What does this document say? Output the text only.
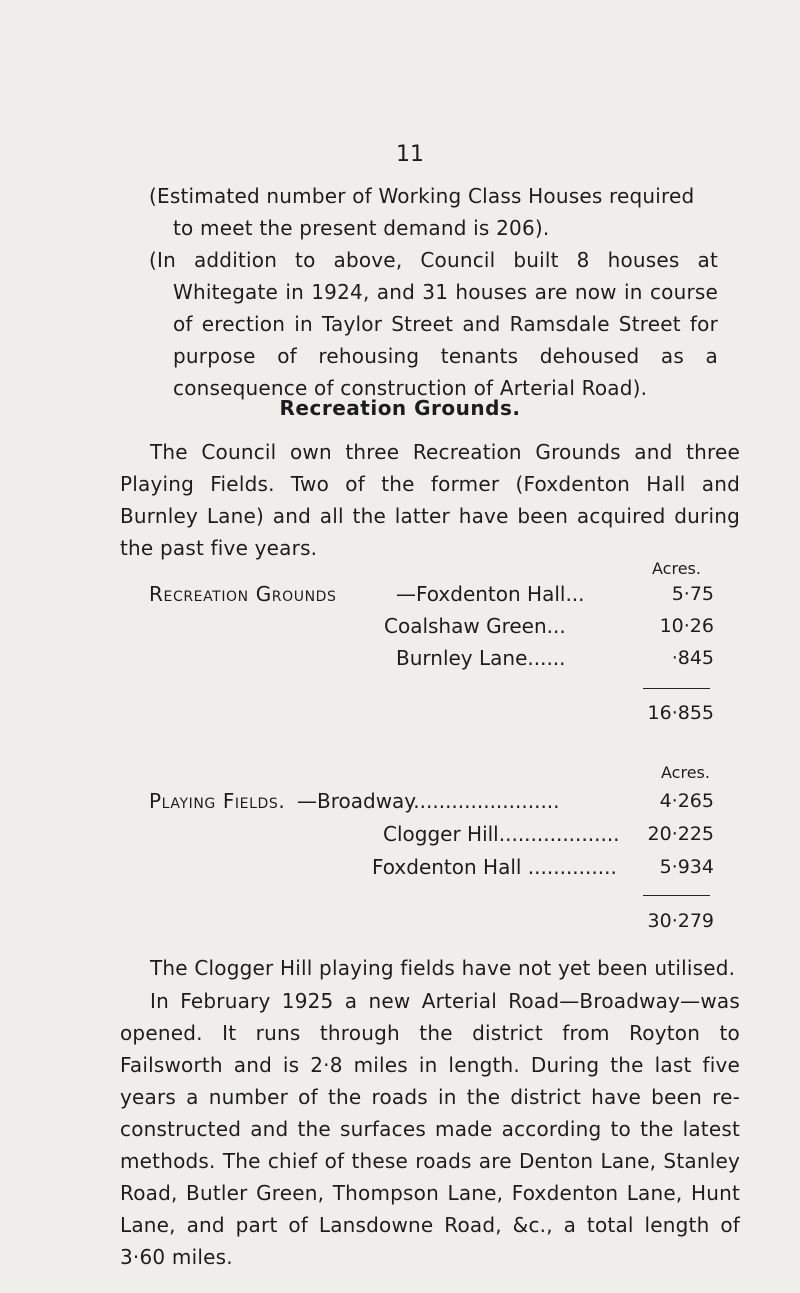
11

(Estimated number of Working Class Houses required to meet the present demand is 206).

(In addition to above, Council built 8 houses at Whitegate in 1924, and 31 houses are now in course of erection in Taylor Street and Ramsdale Street for purpose of rehousing tenants dehoused as a consequence of construction of Arterial Road).

Recreation Grounds.

The Council own three Recreation Grounds and three Playing Fields. Two of the former (Foxdenton Hall and Burnley Lane) and all the latter have been acquired during the past five years.

Acres.
Recreation Grounds	—Foxdenton Hall...	5·75
Coalshaw Green...	10·26
Burnley Lane......	·845
16·855
Acres.
Playing Fields. —Broadway.......................	4·265
Clogger Hill................... 20·225
Foxdenton Hall .............. 5·934
30·279

The Clogger Hill playing fields have not yet been utilised.

In February 1925 a new Arterial Road—Broadway—was opened. It runs through the district from Royton to Failsworth and is 2·8 miles in length. During the last five years a number of the roads in the district have been re-constructed and the surfaces made according to the latest methods. The chief of these roads are Denton Lane, Stanley Road, Butler Green, Thompson Lane, Foxdenton Lane, Hunt Lane, and part of Lansdowne Road, &c., a total length of 3·60 miles.
